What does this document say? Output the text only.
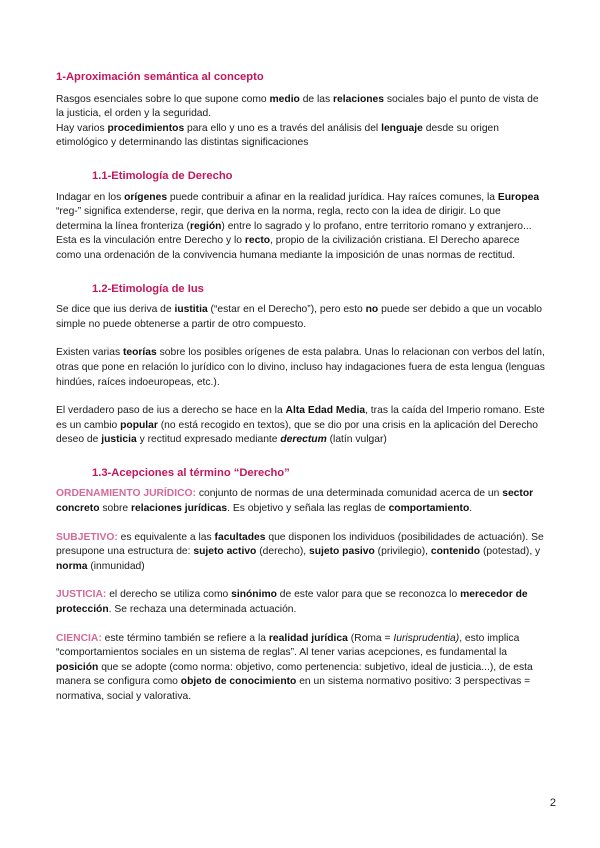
1-Aproximación semántica al concepto

Rasgos esenciales sobre lo que supone como medio de las relaciones sociales bajo el punto de vista de la justicia, el orden y la seguridad.

Hay varios procedimientos para ello y uno es a través del análisis del lenguaje desde su origen etimológico y determinando las distintas significaciones

1.1-Etimología de Derecho

Indagar en los orígenes puede contribuir a afinar en la realidad jurídica. Hay raíces comunes, la Europea “reg-” significa extenderse, regir, que deriva en la norma, regla, recto con la idea de dirigir. Lo que determina la línea fronteriza (región) entre lo sagrado y lo profano, entre territorio romano y extranjero... Esta es la vinculación entre Derecho y lo recto, propio de la civilización cristiana. El Derecho aparece como una ordenación de la convivencia humana mediante la imposición de unas normas de rectitud.

1.2-Etimología de Ius

Se dice que ius deriva de iustitia (“estar en el Derecho”), pero esto no puede ser debido a que un vocablo simple no puede obtenerse a partir de otro compuesto.

Existen varias teorías sobre los posibles orígenes de esta palabra. Unas lo relacionan con verbos del latín, otras que pone en relación lo jurídico con lo divino, incluso hay indagaciones fuera de esta lengua (lenguas hindúes, raíces indoeuropeas, etc.).

El verdadero paso de ius a derecho se hace en la Alta Edad Media, tras la caída del Imperio romano. Este es un cambio popular (no está recogido en textos), que se dio por una crisis en la aplicación del Derecho deseo de justicia y rectitud expresado mediante derectum (latín vulgar)

1.3-Acepciones al término “Derecho”

ORDENAMIENTO JURÍDICO: conjunto de normas de una determinada comunidad acerca de un sector concreto sobre relaciones jurídicas. Es objetivo y señala las reglas de comportamiento.

SUBJETIVO: es equivalente a las facultades que disponen los individuos (posibilidades de actuación). Se presupone una estructura de: sujeto activo (derecho), sujeto pasivo (privilegio), contenido (potestad), y norma (inmunidad)

JUSTICIA: el derecho se utiliza como sinónimo de este valor para que se reconozca lo merecedor de protección. Se rechaza una determinada actuación.

CIENCIA: este término también se refiere a la realidad jurídica (Roma = Iurisprudentia), esto implica “comportamientos sociales en un sistema de reglas”. Al tener varias acepciones, es fundamental la posición que se adopte (como norma: objetivo, como pertenencia: subjetivo, ideal de justicia...), de esta manera se configura como objeto de conocimiento en un sistema normativo positivo: 3 perspectivas = normativa, social y valorativa.

2
